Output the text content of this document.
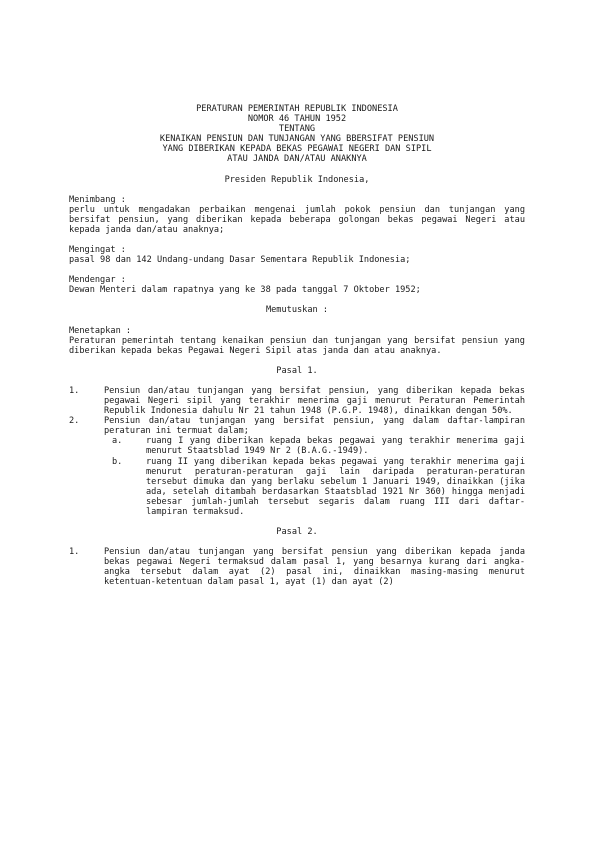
PERATURAN PEMERINTAH REPUBLIK INDONESIA
NOMOR 46 TAHUN 1952
TENTANG
KENAIKAN PENSIUN DAN TUNJANGAN YANG BBERSIFAT PENSIUN
YANG DIBERIKAN KEPADA BEKAS PEGAWAI NEGERI DAN SIPIL
ATAU JANDA DAN/ATAU ANAKNYA
Presiden Republik Indonesia,
Menimbang :
perlu untuk mengadakan perbaikan mengenai jumlah pokok pensiun dan tunjangan yang bersifat pensiun, yang diberikan kepada beberapa golongan bekas pegawai Negeri atau kepada janda dan/atau anaknya;
Mengingat :
pasal 98 dan 142 Undang-undang Dasar Sementara Republik Indonesia;
Mendengar :
Dewan Menteri dalam rapatnya yang ke 38 pada tanggal 7 Oktober 1952;
Memutuskan :
Menetapkan :
Peraturan pemerintah tentang kenaikan pensiun dan tunjangan yang bersifat pensiun yang diberikan kepada bekas Pegawai Negeri Sipil atas janda dan atau anaknya.
Pasal 1.
1.	Pensiun dan/atau tunjangan yang bersifat pensiun, yang diberikan kepada bekas pegawai Negeri sipil yang terakhir menerima gaji menurut Peraturan Pemerintah Republik Indonesia dahulu Nr 21 tahun 1948 (P.G.P. 1948), dinaikkan dengan 50%.
2.	Pensiun dan/atau tunjangan yang bersifat pensiun, yang dalam daftar-lampiran peraturan ini termuat dalam;
a.	ruang I yang diberikan kepada bekas pegawai yang terakhir menerima gaji menurut Staatsblad 1949 Nr 2 (B.A.G.-1949).
b.	ruang II yang diberikan kepada bekas pegawai yang terakhir menerima gaji menurut peraturan-peraturan gaji lain daripada peraturan-peraturan tersebut dimuka dan yang berlaku sebelum 1 Januari 1949, dinaikkan (jika ada, setelah ditambah berdasarkan Staatsblad 1921 Nr 360) hingga menjadi sebesar jumlah-jumlah tersebut segaris dalam ruang III dari daftar-lampiran termaksud.
Pasal 2.
1.	Pensiun dan/atau tunjangan yang bersifat pensiun yang diberikan kepada janda bekas pegawai Negeri termaksud dalam pasal 1, yang besarnya kurang dari angka-angka tersebut dalam ayat (2) pasal ini, dinaikkan masing-masing menurut ketentuan-ketentuan dalam pasal 1, ayat (1) dan ayat (2)
